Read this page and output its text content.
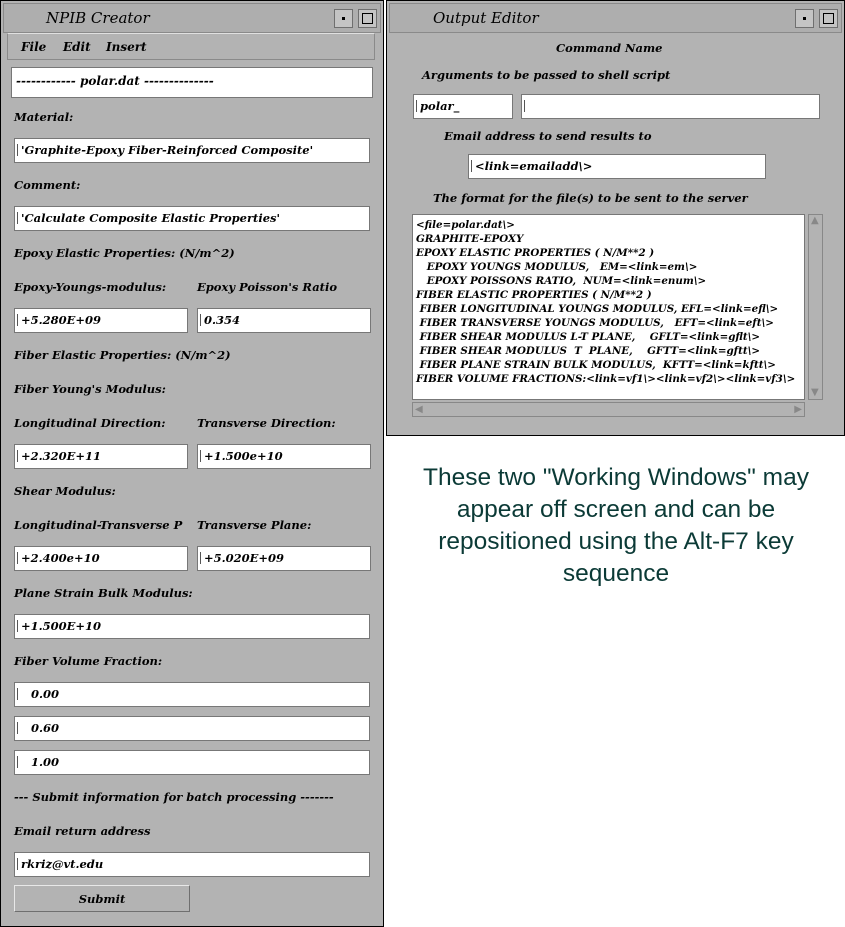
NPIB Creator
File Edit Insert
------------ polar.dat --------------
Material:
'Graphite-Epoxy Fiber-Reinforced Composite'
Comment:
'Calculate Composite Elastic Properties'
Epoxy Elastic Properties: (N/m^2)
Epoxy-Youngs-modulus:	Epoxy Poisson's Ratio
+5.280E+09	0.354
Fiber Elastic Properties: (N/m^2)
Fiber Young's Modulus:
Longitudinal Direction:	Transverse Direction:
+2.320E+11	+1.500e+10
Shear Modulus:
Longitudinal-Transverse P Transverse Plane:
+2.400e+10	+5.020E+09
Plane Strain Bulk Modulus:
+1.500E+10
Fiber Volume Fraction:
0.00
0.60
1.00
--- Submit information for batch processing -------
Email return address
rkriz@vt.edu
Submit
Output Editor
Command Name
Arguments to be passed to shell script
polar_
Email address to send results to
<link=emailadd\>
The format for the file(s) to be sent to the server
<file=polar.dat\>
GRAPHITE-EPOXY
EPOXY ELASTIC PROPERTIES ( N/M**2 )
EPOXY YOUNGS MODULUS,   EM=<link=em\>
EPOXY POISSONS RATIO,  NUM=<link=enum\>
FIBER ELASTIC PROPERTIES ( N/M**2 )
FIBER LONGITUDINAL YOUNGS MODULUS, EFL=<link=efl\>
FIBER TRANSVERSE YOUNGS MODULUS,   EFT=<link=eft\>
FIBER SHEAR MODULUS L-T PLANE,    GFLT=<link=gflt\>
FIBER SHEAR MODULUS  T  PLANE,    GFTT=<link=gftt\>
FIBER PLANE STRAIN BULK MODULUS,  KFTT=<link=kftt\>
FIBER VOLUME FRACTIONS:<link=vf1\><link=vf2\><link=vf3\>
▲
▼
◀	▶
These two "Working Windows" may appear off screen and can be repositioned using the Alt-F7 key sequence
